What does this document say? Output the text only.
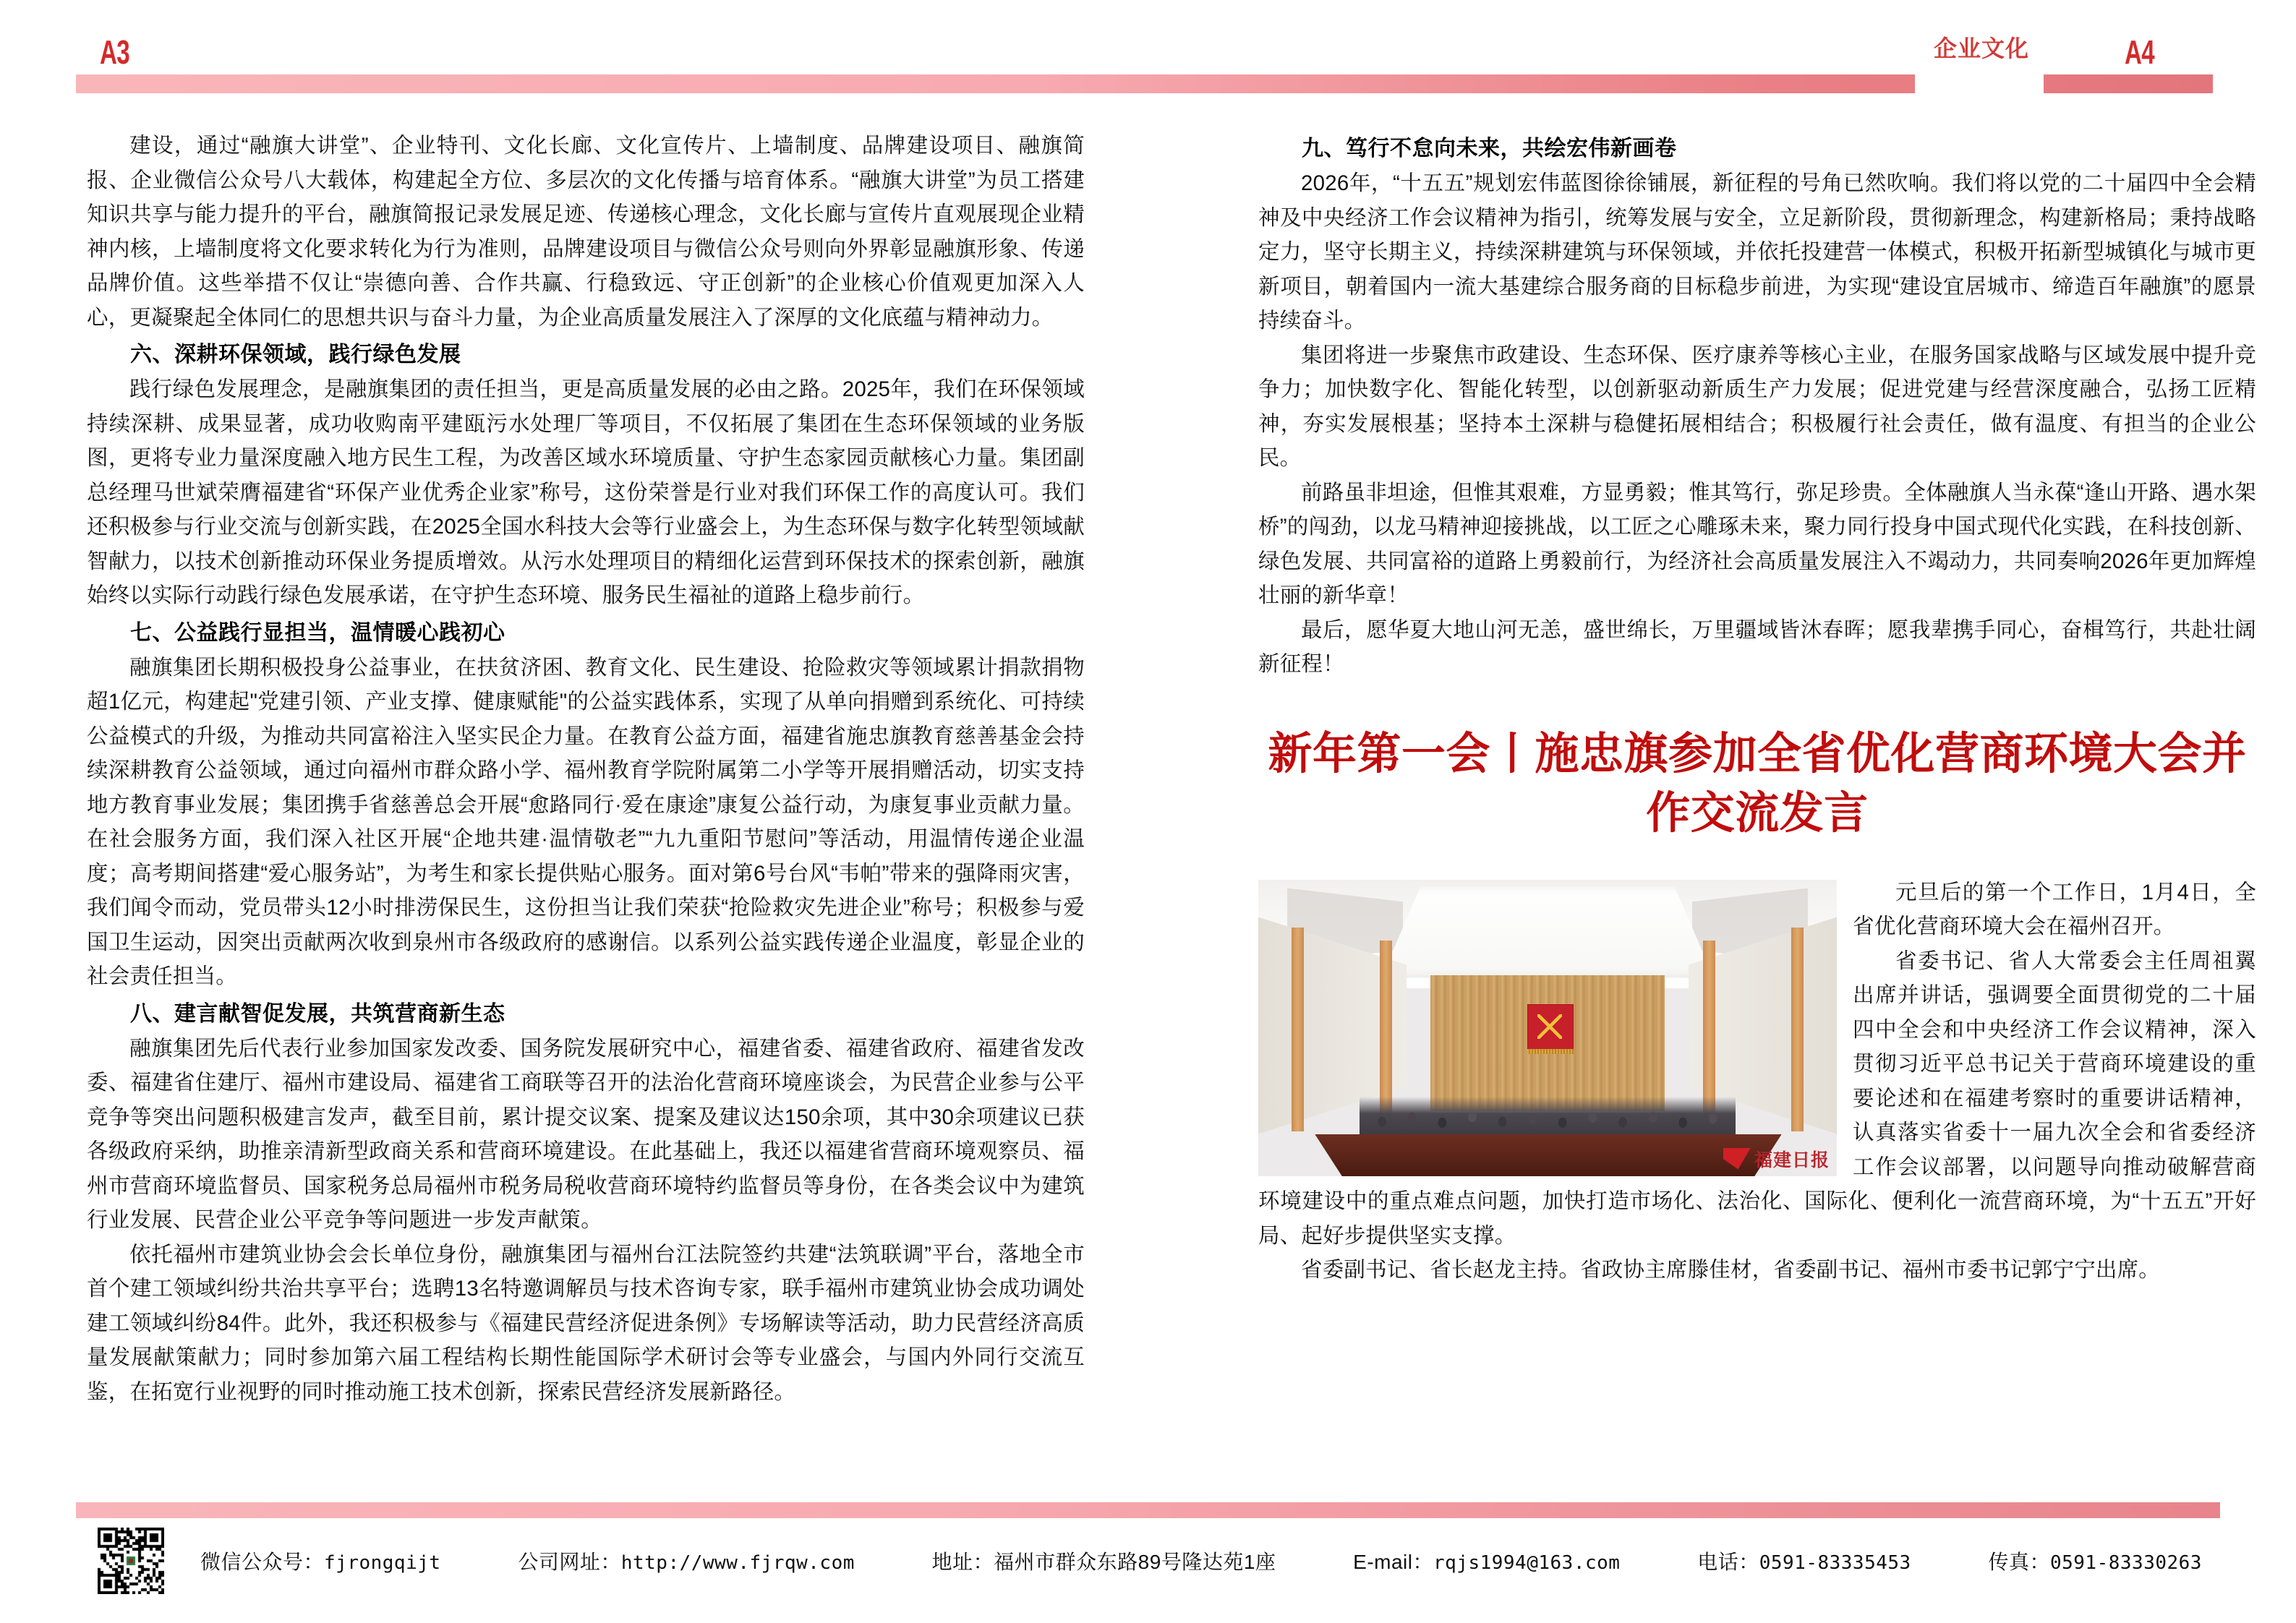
A3	企业文化	A4

建设，通过“融旗大讲堂”、企业特刊、文化长廊、文化宣传片、上墙制度、品牌建设项目、融旗简报、企业微信公众号八大载体，构建起全方位、多层次的文化传播与培育体系。“融旗大讲堂”为员工搭建知识共享与能力提升的平台，融旗简报记录发展足迹、传递核心理念，文化长廊与宣传片直观展现企业精神内核，上墙制度将文化要求转化为行为准则，品牌建设项目与微信公众号则向外界彰显融旗形象、传递品牌价值。这些举措不仅让“崇德向善、合作共赢、行稳致远、守正创新”的企业核心价值观更加深入人心，更凝聚起全体同仁的思想共识与奋斗力量，为企业高质量发展注入了深厚的文化底蕴与精神动力。

六、深耕环保领域，践行绿色发展

践行绿色发展理念，是融旗集团的责任担当，更是高质量发展的必由之路。2025年，我们在环保领域持续深耕、成果显著，成功收购南平建瓯污水处理厂等项目，不仅拓展了集团在生态环保领域的业务版图，更将专业力量深度融入地方民生工程，为改善区域水环境质量、守护生态家园贡献核心力量。集团副总经理马世斌荣膺福建省“环保产业优秀企业家”称号，这份荣誉是行业对我们环保工作的高度认可。我们还积极参与行业交流与创新实践，在2025全国水科技大会等行业盛会上，为生态环保与数字化转型领域献智献力，以技术创新推动环保业务提质增效。从污水处理项目的精细化运营到环保技术的探索创新，融旗始终以实际行动践行绿色发展承诺，在守护生态环境、服务民生福祉的道路上稳步前行。

七、公益践行显担当，温情暖心践初心

融旗集团长期积极投身公益事业，在扶贫济困、教育文化、民生建设、抢险救灾等领域累计捐款捐物超1亿元，构建起"党建引领、产业支撑、健康赋能"的公益实践体系，实现了从单向捐赠到系统化、可持续公益模式的升级，为推动共同富裕注入坚实民企力量。在教育公益方面，福建省施忠旗教育慈善基金会持续深耕教育公益领域，通过向福州市群众路小学、福州教育学院附属第二小学等开展捐赠活动，切实支持地方教育事业发展；集团携手省慈善总会开展“愈路同行·爱在康途”康复公益行动，为康复事业贡献力量。在社会服务方面，我们深入社区开展“企地共建·温情敬老”“九九重阳节慰问”等活动，用温情传递企业温度；高考期间搭建“爱心服务站”，为考生和家长提供贴心服务。面对第6号台风“韦帕”带来的强降雨灾害，我们闻令而动，党员带头12小时排涝保民生，这份担当让我们荣获“抢险救灾先进企业”称号；积极参与爱国卫生运动，因突出贡献两次收到泉州市各级政府的感谢信。以系列公益实践传递企业温度，彰显企业的社会责任担当。

八、建言献智促发展，共筑营商新生态

融旗集团先后代表行业参加国家发改委、国务院发展研究中心，福建省委、福建省政府、福建省发改委、福建省住建厅、福州市建设局、福建省工商联等召开的法治化营商环境座谈会，为民营企业参与公平竞争等突出问题积极建言发声，截至目前，累计提交议案、提案及建议达150余项，其中30余项建议已获各级政府采纳，助推亲清新型政商关系和营商环境建设。在此基础上，我还以福建省营商环境观察员、福州市营商环境监督员、国家税务总局福州市税务局税收营商环境特约监督员等身份，在各类会议中为建筑行业发展、民营企业公平竞争等问题进一步发声献策。

依托福州市建筑业协会会长单位身份，融旗集团与福州台江法院签约共建“法筑联调”平台，落地全市首个建工领域纠纷共治共享平台；选聘13名特邀调解员与技术咨询专家，联手福州市建筑业协会成功调处建工领域纠纷84件。此外，我还积极参与《福建民营经济促进条例》专场解读等活动，助力民营经济高质量发展献策献力；同时参加第六届工程结构长期性能国际学术研讨会等专业盛会，与国内外同行交流互鉴，在拓宽行业视野的同时推动施工技术创新，探索民营经济发展新路径。

九、笃行不怠向未来，共绘宏伟新画卷

2026年，“十五五”规划宏伟蓝图徐徐铺展，新征程的号角已然吹响。我们将以党的二十届四中全会精神及中央经济工作会议精神为指引，统筹发展与安全，立足新阶段，贯彻新理念，构建新格局；秉持战略定力，坚守长期主义，持续深耕建筑与环保领域，并依托投建营一体模式，积极开拓新型城镇化与城市更新项目，朝着国内一流大基建综合服务商的目标稳步前进，为实现“建设宜居城市、缔造百年融旗”的愿景持续奋斗。

集团将进一步聚焦市政建设、生态环保、医疗康养等核心主业，在服务国家战略与区域发展中提升竞争力；加快数字化、智能化转型，以创新驱动新质生产力发展；促进党建与经营深度融合，弘扬工匠精神，夯实发展根基；坚持本土深耕与稳健拓展相结合；积极履行社会责任，做有温度、有担当的企业公民。

前路虽非坦途，但惟其艰难，方显勇毅；惟其笃行，弥足珍贵。全体融旗人当永葆“逢山开路、遇水架桥”的闯劲，以龙马精神迎接挑战，以工匠之心雕琢未来，聚力同行投身中国式现代化实践，在科技创新、绿色发展、共同富裕的道路上勇毅前行，为经济社会高质量发展注入不竭动力，共同奏响2026年更加辉煌壮丽的新华章！

最后，愿华夏大地山河无恙，盛世绵长，万里疆域皆沐春晖；愿我辈携手同心，奋楫笃行，共赴壮阔新征程！

新年第一会丨施忠旗参加全省优化营商环境大会并作交流发言
福建日报

元旦后的第一个工作日，1月4日，全省优化营商环境大会在福州召开。

省委书记、省人大常委会主任周祖翼出席并讲话，强调要全面贯彻党的二十届四中全会和中央经济工作会议精神，深入贯彻习近平总书记关于营商环境建设的重要论述和在福建考察时的重要讲话精神，认真落实省委十一届九次全会和省委经济工作会议部署，以问题导向推动破解营商环境建设中的重点难点问题，加快打造市场化、法治化、国际化、便利化一流营商环境，为“十五五”开好局、起好步提供坚实支撑。

省委副书记、省长赵龙主持。省政协主席滕佳材，省委副书记、福州市委书记郭宁宁出席。

微信公众号：fjrongqijt	公司网址：http://www.fjrqw.com	地址：福州市群众东路89号隆达苑1座	E-mail：rqjs1994@163.com	电话：0591-83335453	传真：0591-83330263
